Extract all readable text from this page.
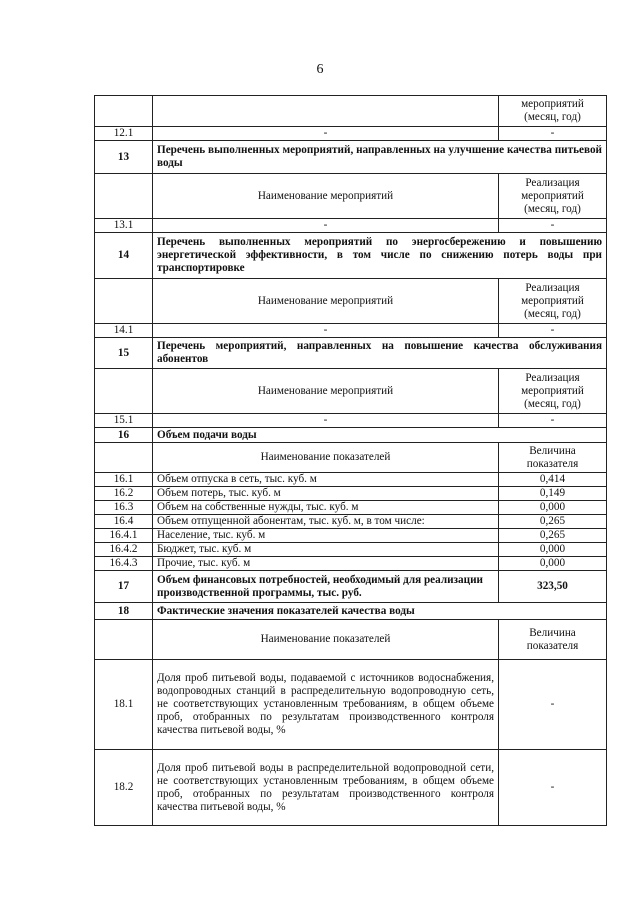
6
		мероприятий (месяц, год)
12.1	-	-
13	Перечень выполненных мероприятий, направленных на улучшение качества питьевой воды	
	Наименование мероприятий	Реализация мероприятий (месяц, год)
13.1	-	-
14	Перечень выполненных мероприятий по энергосбережению и повышению энергетической эффективности, в том числе по снижению потерь воды при транспортировке	
	Наименование мероприятий	Реализация мероприятий (месяц, год)
14.1	-	-
15	Перечень мероприятий, направленных на повышение качества обслуживания абонентов	
	Наименование мероприятий	Реализация мероприятий (месяц, год)
15.1	-	-
16	Объем подачи воды	
	Наименование показателей	Величина показателя
16.1	Объем отпуска в сеть, тыс. куб. м	0,414
16.2	Объем потерь, тыс. куб. м	0,149
16.3	Объем на собственные нужды, тыс. куб. м	0,000
16.4	Объем отпущенной абонентам, тыс. куб. м, в том числе:	0,265
16.4.1	Население, тыс. куб. м	0,265
16.4.2	Бюджет, тыс. куб. м	0,000
16.4.3	Прочие, тыс. куб. м	0,000
17	Объем финансовых потребностей, необходимый для реализации производственной программы, тыс. руб.	323,50
18	Фактические значения показателей качества воды	
	Наименование показателей	Величина показателя
18.1	Доля проб питьевой воды, подаваемой с источников водоснабжения, водопроводных станций в распределительную водопроводную сеть, не соответствующих установленным требованиям, в общем объеме проб, отобранных по результатам производственного контроля качества питьевой воды, %	-
18.2	Доля проб питьевой воды в распределительной водопроводной сети, не соответствующих установленным требованиям, в общем объеме проб, отобранных по результатам производственного контроля качества питьевой воды, %	-
